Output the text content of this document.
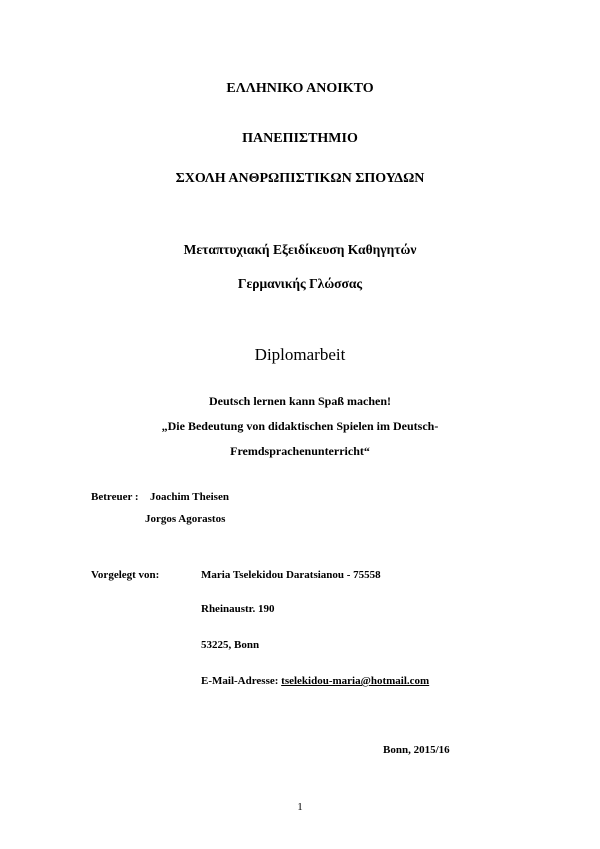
ΕΛΛΗΝΙΚΟ ΑΝΟΙΚΤΟ
ΠΑΝΕΠΙΣΤΗΜΙΟ
ΣΧΟΛΗ ΑΝΘΡΩΠΙΣΤΙΚΩΝ ΣΠΟΥΔΩΝ
Μεταπτυχιακή Εξειδίκευση Καθηγητών
Γερμανικής Γλώσσας
Diplomarbeit
Deutsch lernen kann Spaß machen!
„Die Bedeutung von didaktischen Spielen im Deutsch-
Fremdsprachenunterricht“
Betreuer : Joachim Theisen
Jorgos Agorastos
Vorgelegt von:	Maria Tselekidou Daratsianou - 75558
Rheinaustr. 190
53225, Bonn
E-Mail-Adresse: tselekidou-maria@hotmail.com
Bonn, 2015/16
1
